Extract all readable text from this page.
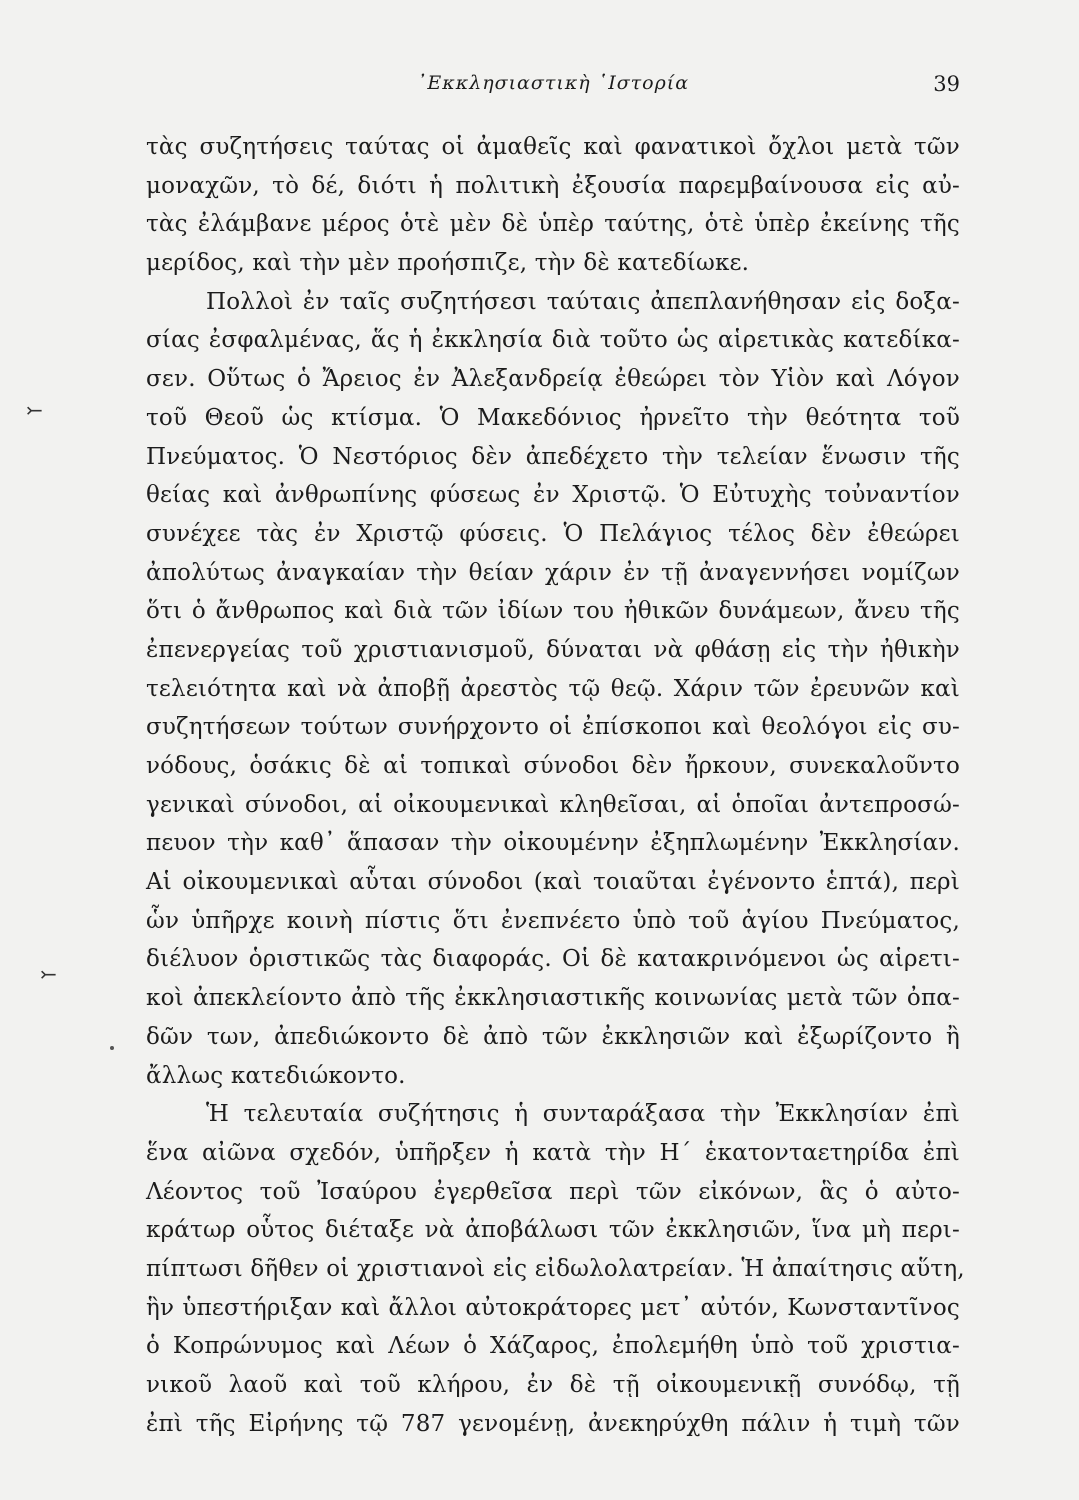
᾿Εκκλησιαστικὴ ῾Ιστορία	39
⤚
⤚
τὰς συζητήσεις ταύτας οἱ ἀμαθεῖς καὶ φανατικοὶ ὄχλοι μετὰ τῶν
μοναχῶν, τὸ δέ, διότι ἡ πολιτικὴ ἐξουσία παρεμβαίνουσα εἰς αὐ-
τὰς ἐλάμβανε μέρος ὁτὲ μὲν δὲ ὑπὲρ ταύτης, ὁτὲ ὑπὲρ ἐκείνης τῆς
μερίδος, καὶ τὴν μὲν προήσπιζε, τὴν δὲ κατεδίωκε.
Πολλοὶ ἐν ταῖς συζητήσεσι ταύταις ἀπεπλανήθησαν εἰς δοξα-
σίας ἐσφαλμένας, ἅς ἡ ἐκκλησία διὰ τοῦτο ὡς αἱρετικὰς κατεδίκα-
σεν. Οὕτως ὁ Ἄρειος ἐν Ἀλεξανδρείᾳ ἐθεώρει τὸν Υἱὸν καὶ Λόγον
τοῦ Θεοῦ ὡς κτίσμα. Ὁ Μακεδόνιος ἠρνεῖτο τὴν θεότητα τοῦ
Πνεύματος. Ὁ Νεστόριος δὲν ἀπεδέχετο τὴν τελείαν ἕνωσιν τῆς
θείας καὶ ἀνθρωπίνης φύσεως ἐν Χριστῷ. Ὁ Εὐτυχὴς τοὐναντίον
συνέχεε τὰς ἐν Χριστῷ φύσεις. Ὁ Πελάγιος τέλος δὲν ἐθεώρει
ἀπολύτως ἀναγκαίαν τὴν θείαν χάριν ἐν τῇ ἀναγεννήσει νομίζων
ὅτι ὁ ἄνθρωπος καὶ διὰ τῶν ἰδίων του ἠθικῶν δυνάμεων, ἄνευ τῆς
ἐπενεργείας τοῦ χριστιανισμοῦ, δύναται νὰ φθάσῃ εἰς τὴν ἠθικὴν
τελειότητα καὶ νὰ ἀποβῇ ἀρεστὸς τῷ θεῷ. Χάριν τῶν ἐρευνῶν καὶ
συζητήσεων τούτων συνήρχοντο οἱ ἐπίσκοποι καὶ θεολόγοι εἰς συ-
νόδους, ὁσάκις δὲ αἱ τοπικαὶ σύνοδοι δὲν ἤρκουν, συνεκαλοῦντο
γενικαὶ σύνοδοι, αἱ οἰκουμενικαὶ κληθεῖσαι, αἱ ὁποῖαι ἀντεπροσώ-
πευον τὴν καθ᾿ ἅπασαν τὴν οἰκουμένην ἐξηπλωμένην Ἐκκλησίαν.
Αἱ οἰκουμενικαὶ αὗται σύνοδοι (καὶ τοιαῦται ἐγένοντο ἑπτά), περὶ
ὧν ὑπῆρχε κοινὴ πίστις ὅτι ἐνεπνέετο ὑπὸ τοῦ ἁγίου Πνεύματος,
διέλυον ὁριστικῶς τὰς διαφοράς. Οἱ δὲ κατακρινόμενοι ὡς αἱρετι-
κοὶ ἀπεκλείοντο ἀπὸ τῆς ἐκκλησιαστικῆς κοινωνίας μετὰ τῶν ὀπα-
δῶν των, ἀπεδιώκοντο δὲ ἀπὸ τῶν ἐκκλησιῶν καὶ ἐξωρίζοντο ἢ
ἄλλως κατεδιώκοντο.
Ἡ τελευταία συζήτησις ἡ συνταράξασα τὴν Ἐκκλησίαν ἐπὶ
ἕνα αἰῶνα σχεδόν, ὑπῆρξεν ἡ κατὰ τὴν Η΄ ἑκατονταετηρίδα ἐπὶ
Λέοντος τοῦ Ἰσαύρου ἐγερθεῖσα περὶ τῶν εἰκόνων, ἃς ὁ αὐτο-
κράτωρ οὗτος διέταξε νὰ ἀποβάλωσι τῶν ἐκκλησιῶν, ἵνα μὴ περι-
πίπτωσι δῆθεν οἱ χριστιανοὶ εἰς εἰδωλολατρείαν. Ἡ ἀπαίτησις αὕτη,
ἣν ὑπεστήριξαν καὶ ἄλλοι αὐτοκράτορες μετ᾿ αὐτόν, Κωνσταντῖνος
ὁ Κοπρώνυμος καὶ Λέων ὁ Χάζαρος, ἐπολεμήθη ὑπὸ τοῦ χριστια-
νικοῦ λαοῦ καὶ τοῦ κλήρου, ἐν δὲ τῇ οἰκουμενικῇ συνόδῳ, τῇ
ἐπὶ τῆς Εἰρήνης τῷ 787 γενομένῃ, ἀνεκηρύχθη πάλιν ἡ τιμὴ τῶν
